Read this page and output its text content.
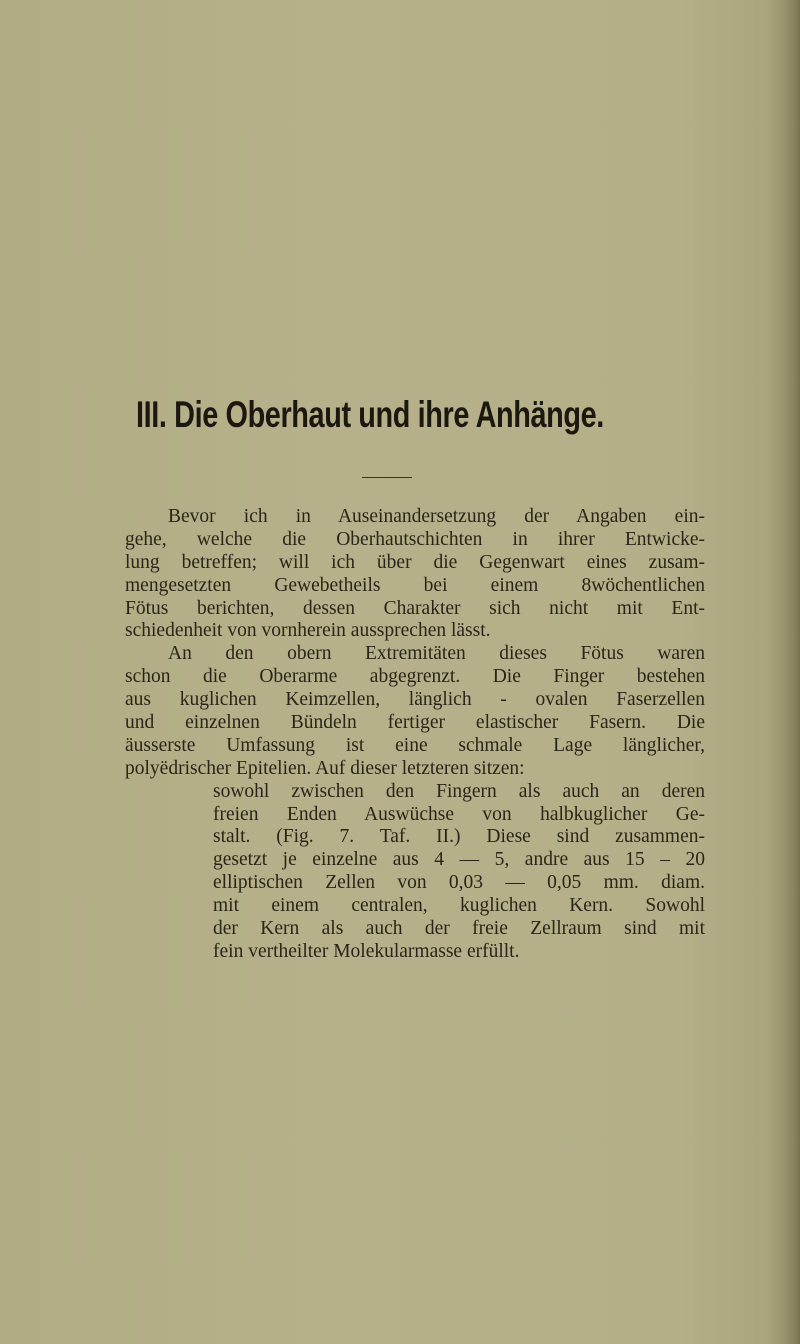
III. Die Oberhaut und ihre Anhänge.
Bevor ich in Auseinandersetzung der Angaben ein-
gehe, welche die Oberhautschichten in ihrer Entwicke-
lung betreffen; will ich über die Gegenwart eines zusam-
mengesetzten Gewebetheils bei einem 8wöchentlichen
Fötus berichten, dessen Charakter sich nicht mit Ent-
schiedenheit von vornherein aussprechen lässt.
An den obern Extremitäten dieses Fötus waren
schon die Oberarme abgegrenzt. Die Finger bestehen
aus kuglichen Keimzellen, länglich - ovalen Faserzellen
und einzelnen Bündeln fertiger elastischer Fasern. Die
äusserste Umfassung ist eine schmale Lage länglicher,
polyëdrischer Epitelien. Auf dieser letzteren sitzen:
sowohl zwischen den Fingern als auch an deren
freien Enden Auswüchse von halbkuglicher Ge-
stalt. (Fig. 7. Taf. II.) Diese sind zusammen-
gesetzt je einzelne aus 4 — 5, andre aus 15 – 20
elliptischen Zellen von 0,03 — 0,05 mm. diam.
mit einem centralen, kuglichen Kern. Sowohl
der Kern als auch der freie Zellraum sind mit
fein vertheilter Molekularmasse erfüllt.
